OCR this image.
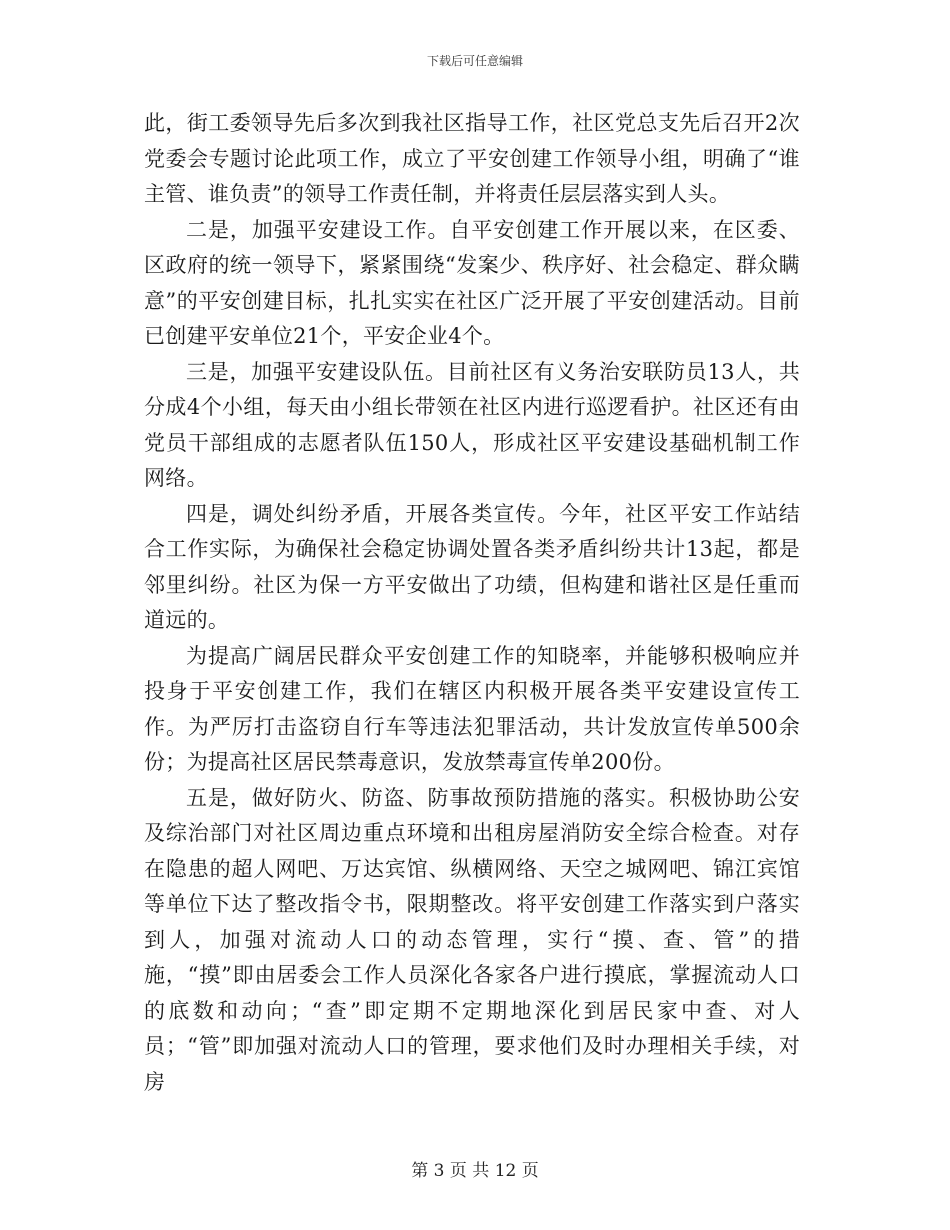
下载后可任意编辑

此，街工委领导先后多次到我社区指导工作，社区党总支先后召开2次党委会专题讨论此项工作，成立了平安创建工作领导小组，明确了“谁主管、谁负责”的领导工作责任制，并将责任层层落实到人头。

二是，加强平安建设工作。自平安创建工作开展以来，在区委、区政府的统一领导下，紧紧围绕“发案少、秩序好、社会稳定、群众瞒意”的平安创建目标，扎扎实实在社区广泛开展了平安创建活动。目前已创建平安单位21个，平安企业4个。

三是，加强平安建设队伍。目前社区有义务治安联防员13人，共分成4个小组，每天由小组长带领在社区内进行巡逻看护。社区还有由党员干部组成的志愿者队伍150人，形成社区平安建设基础机制工作网络。

四是，调处纠纷矛盾，开展各类宣传。今年，社区平安工作站结合工作实际，为确保社会稳定协调处置各类矛盾纠纷共计13起，都是邻里纠纷。社区为保一方平安做出了功绩，但构建和谐社区是任重而道远的。

为提高广阔居民群众平安创建工作的知晓率，并能够积极响应并投身于平安创建工作，我们在辖区内积极开展各类平安建设宣传工作。为严厉打击盗窃自行车等违法犯罪活动，共计发放宣传单500余份；为提高社区居民禁毒意识，发放禁毒宣传单200份。

五是，做好防火、防盗、防事故预防措施的落实。积极协助公安及综治部门对社区周边重点环境和出租房屋消防安全综合检查。对存在隐患的超人网吧、万达宾馆、纵横网络、天空之城网吧、锦江宾馆等单位下达了整改指令书，限期整改。将平安创建工作落实到户落实到人，加强对流动人口的动态管理，实行“摸、查、管”的措施，“摸”即由居委会工作人员深化各家各户进行摸底，掌握流动人口的底数和动向；“查”即定期不定期地深化到居民家中查、对人员；“管”即加强对流动人口的管理，要求他们及时办理相关手续，对房

第 3 页 共 12 页
